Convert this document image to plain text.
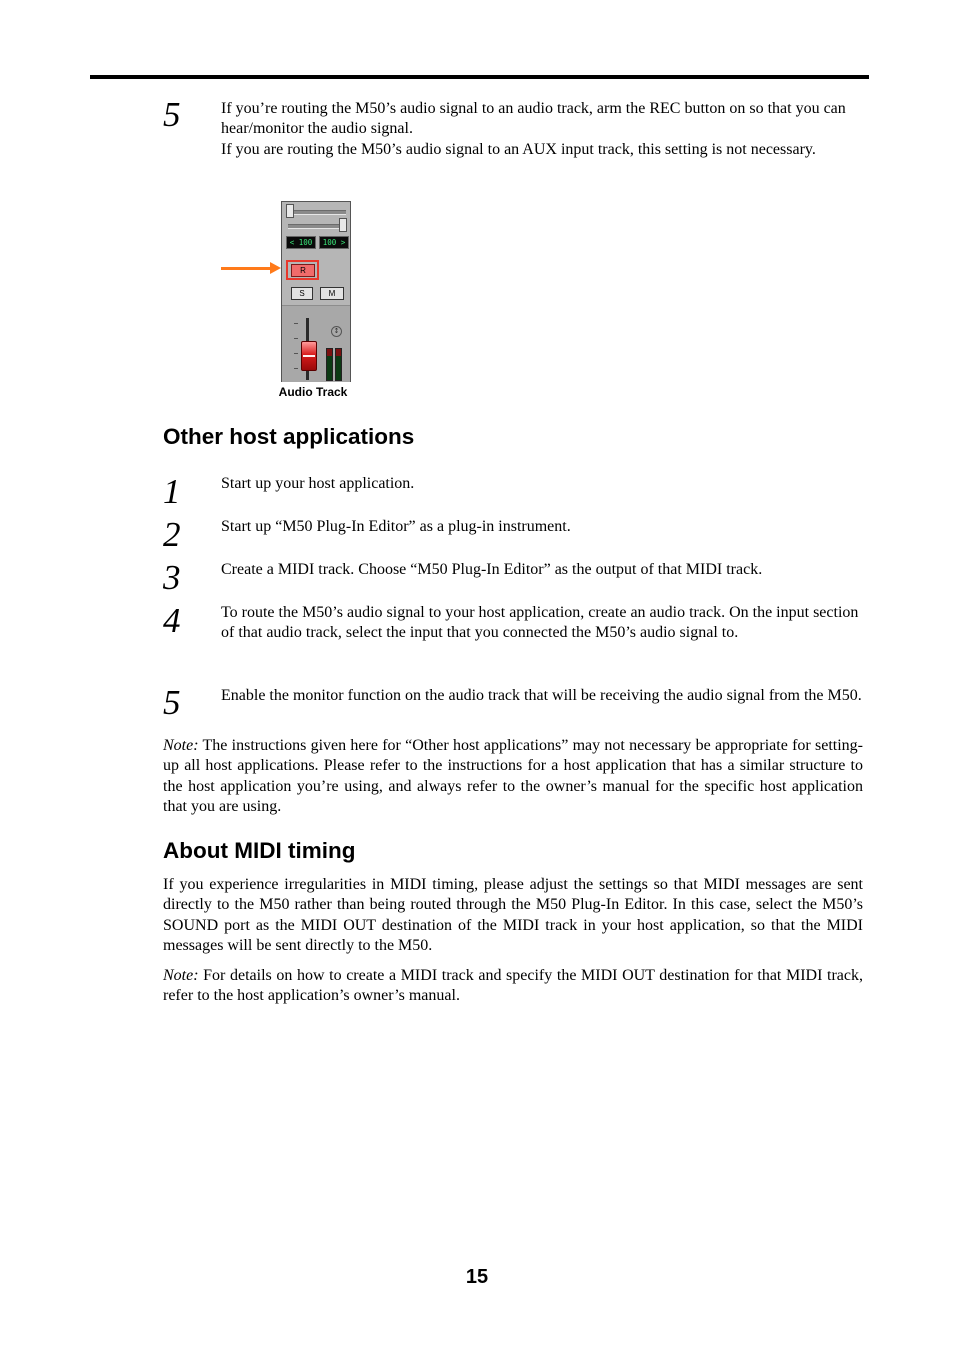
5	If you’re routing the M50’s audio signal to an audio track, arm the REC button on so that you can hear/monitor the audio signal.

If you are routing the M50’s audio signal to an AUX input track, this setting is not necessary.

< 100	100 >
R
S	M
↕
Audio Track
Other host applications
1	Start up your host application.
2	Start up “M50 Plug-In Editor” as a plug-in instrument.
3	Create a MIDI track. Choose “M50 Plug-In Editor” as the output of that MIDI track.
4	To route the M50’s audio signal to your host application, create an audio track. On the input section of that audio track, select the input that you connected the M50’s audio signal to.
5	Enable the monitor function on the audio track that will be receiving the audio signal from the M50.

Note: The instructions given here for “Other host applications” may not necessary be appropriate for setting-up all host applications. Please refer to the instructions for a host application that has a similar structure to the host application you’re using, and always refer to the owner’s manual for the specific host application that you are using.

About MIDI timing

If you experience irregularities in MIDI timing, please adjust the settings so that MIDI messages are sent directly to the M50 rather than being routed through the M50 Plug-In Editor. In this case, select the M50’s SOUND port as the MIDI OUT destination of the MIDI track in your host application, so that the MIDI messages will be sent directly to the M50.

Note: For details on how to create a MIDI track and specify the MIDI OUT destination for that MIDI track, refer to the host application’s owner’s manual.

15
